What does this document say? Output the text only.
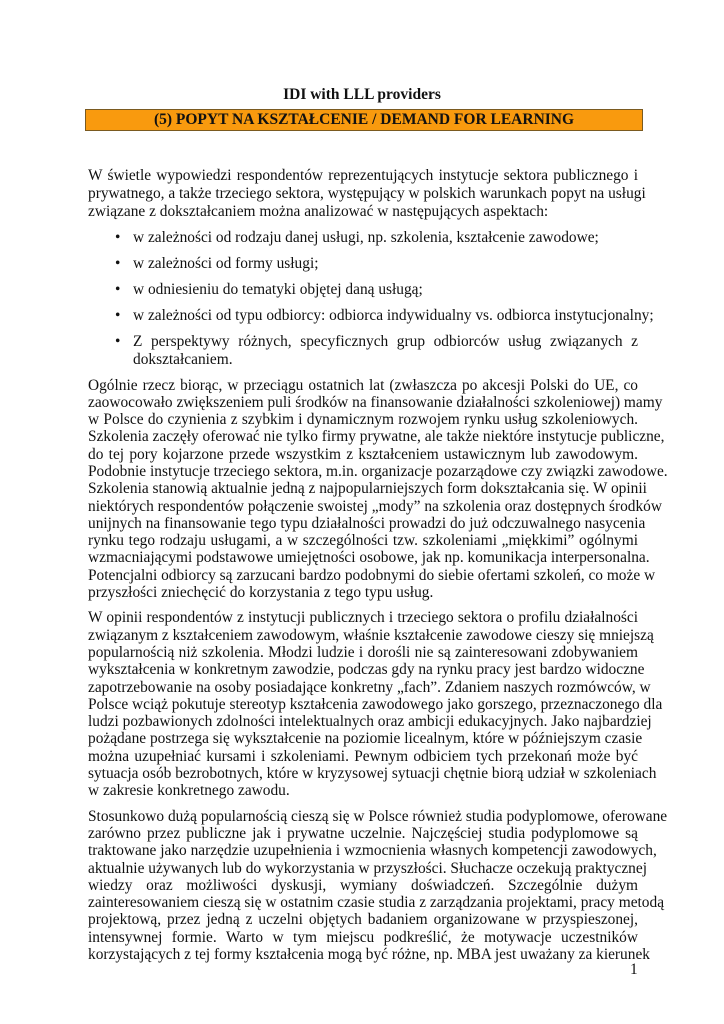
IDI with LLL providers
(5) POPYT NA KSZTAŁCENIE / DEMAND FOR LEARNING
W świetle wypowiedzi respondentów reprezentujących instytucje sektora publicznego i
prywatnego, a także trzeciego sektora, występujący w polskich warunkach popyt na usługi
związane z dokształcaniem można analizować w następujących aspektach:
• w zależności od rodzaju danej usługi, np. szkolenia, kształcenie zawodowe;
• w zależności od formy usługi;
• w odniesieniu do tematyki objętej daną usługą;
• w zależności od typu odbiorcy: odbiorca indywidualny vs. odbiorca instytucjonalny;
• Z perspektywy różnych, specyficznych grup odbiorców usług związanych z
dokształcaniem.
Ogólnie rzecz biorąc, w przeciągu ostatnich lat (zwłaszcza po akcesji Polski do UE, co
zaowocowało zwiększeniem puli środków na finansowanie działalności szkoleniowej) mamy
w Polsce do czynienia z szybkim i dynamicznym rozwojem rynku usług szkoleniowych.
Szkolenia zaczęły oferować nie tylko firmy prywatne, ale także niektóre instytucje publiczne,
do tej pory kojarzone przede wszystkim z kształceniem ustawicznym lub zawodowym.
Podobnie instytucje trzeciego sektora, m.in. organizacje pozarządowe czy związki zawodowe.
Szkolenia stanowią aktualnie jedną z najpopularniejszych form dokształcania się. W opinii
niektórych respondentów połączenie swoistej „mody” na szkolenia oraz dostępnych środków
unijnych na finansowanie tego typu działalności prowadzi do już odczuwalnego nasycenia
rynku tego rodzaju usługami, a w szczególności tzw. szkoleniami „miękkimi” ogólnymi
wzmacniającymi podstawowe umiejętności osobowe, jak np. komunikacja interpersonalna.
Potencjalni odbiorcy są zarzucani bardzo podobnymi do siebie ofertami szkoleń, co może w
przyszłości zniechęcić do korzystania z tego typu usług.
W opinii respondentów z instytucji publicznych i trzeciego sektora o profilu działalności
związanym z kształceniem zawodowym, właśnie kształcenie zawodowe cieszy się mniejszą
popularnością niż szkolenia. Młodzi ludzie i dorośli nie są zainteresowani zdobywaniem
wykształcenia w konkretnym zawodzie, podczas gdy na rynku pracy jest bardzo widoczne
zapotrzebowanie na osoby posiadające konkretny „fach”. Zdaniem naszych rozmówców, w
Polsce wciąż pokutuje stereotyp kształcenia zawodowego jako gorszego, przeznaczonego dla
ludzi pozbawionych zdolności intelektualnych oraz ambicji edukacyjnych. Jako najbardziej
pożądane postrzega się wykształcenie na poziomie licealnym, które w późniejszym czasie
można uzupełniać kursami i szkoleniami. Pewnym odbiciem tych przekonań może być
sytuacja osób bezrobotnych, które w kryzysowej sytuacji chętnie biorą udział w szkoleniach
w zakresie konkretnego zawodu.
Stosunkowo dużą popularnością cieszą się w Polsce również studia podyplomowe, oferowane
zarówno przez publiczne jak i prywatne uczelnie. Najczęściej studia podyplomowe są
traktowane jako narzędzie uzupełnienia i wzmocnienia własnych kompetencji zawodowych,
aktualnie używanych lub do wykorzystania w przyszłości. Słuchacze oczekują praktycznej
wiedzy oraz możliwości dyskusji, wymiany doświadczeń. Szczególnie dużym
zainteresowaniem cieszą się w ostatnim czasie studia z zarządzania projektami, pracy metodą
projektową, przez jedną z uczelni objętych badaniem organizowane w przyspieszonej,
intensywnej formie. Warto w tym miejscu podkreślić, że motywacje uczestników
korzystających z tej formy kształcenia mogą być różne, np. MBA jest uważany za kierunek
1
